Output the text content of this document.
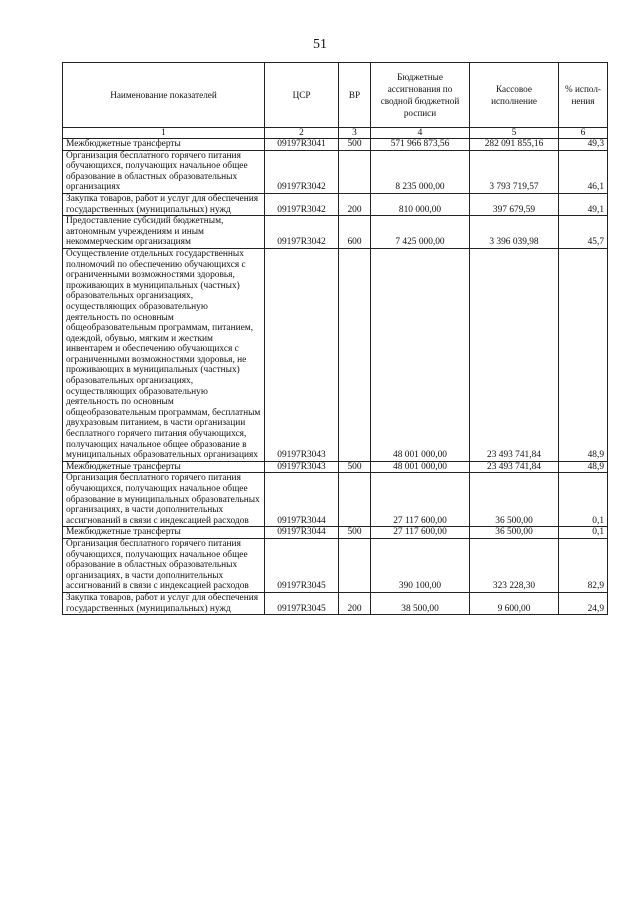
51
Наименование показателей	ЦСР	ВР	Бюджетные ассигнования по сводной бюджетной росписи	Кассовое исполнение	% испол-нения
1	2	3	4	5	6
Межбюджетные трансферты	09197R3041	500	571 966 873,56	282 091 855,16	49,3
Организация бесплатного горячего питания обучающихся, получающих начальное общее образование в областных образовательных организациях	09197R3042		8 235 000,00	3 793 719,57	46,1
Закупка товаров, работ и услуг для обеспечения государственных (муниципальных) нужд	09197R3042	200	810 000,00	397 679,59	49,1
Предоставление субсидий бюджетным, автономным учреждениям и иным некоммерческим организациям	09197R3042	600	7 425 000,00	3 396 039,98	45,7
Осуществление отдельных государственных полномочий по обеспечению обучающихся с ограниченными возможностями здоровья, проживающих в муниципальных (частных) образовательных организациях, осуществляющих образовательную деятельность по основным общеобразовательным программам, питанием, одеждой, обувью, мягким и жестким инвентарем и обеспечению обучающихся с ограниченными возможностями здоровья, не проживающих в муниципальных (частных) образовательных организациях, осуществляющих образовательную деятельность по основным общеобразовательным программам, бесплатным двухразовым питанием, в части организации бесплатного горячего питания обучающихся, получающих начальное общее образование в муниципальных образовательных организациях	09197R3043		48 001 000,00	23 493 741,84	48,9
Межбюджетные трансферты	09197R3043	500	48 001 000,00	23 493 741,84	48,9
Организация бесплатного горячего питания обучающихся, получающих начальное общее образование в муниципальных образовательных организациях, в части дополнительных ассигнований в связи с индексацией расходов	09197R3044		27 117 600,00	36 500,00	0,1
Межбюджетные трансферты	09197R3044	500	27 117 600,00	36 500,00	0,1
Организация бесплатного горячего питания обучающихся, получающих начальное общее образование в областных образовательных организациях, в части дополнительных ассигнований в связи с индексацией расходов	09197R3045		390 100,00	323 228,30	82,9
Закупка товаров, работ и услуг для обеспечения государственных (муниципальных) нужд	09197R3045	200	38 500,00	9 600,00	24,9
